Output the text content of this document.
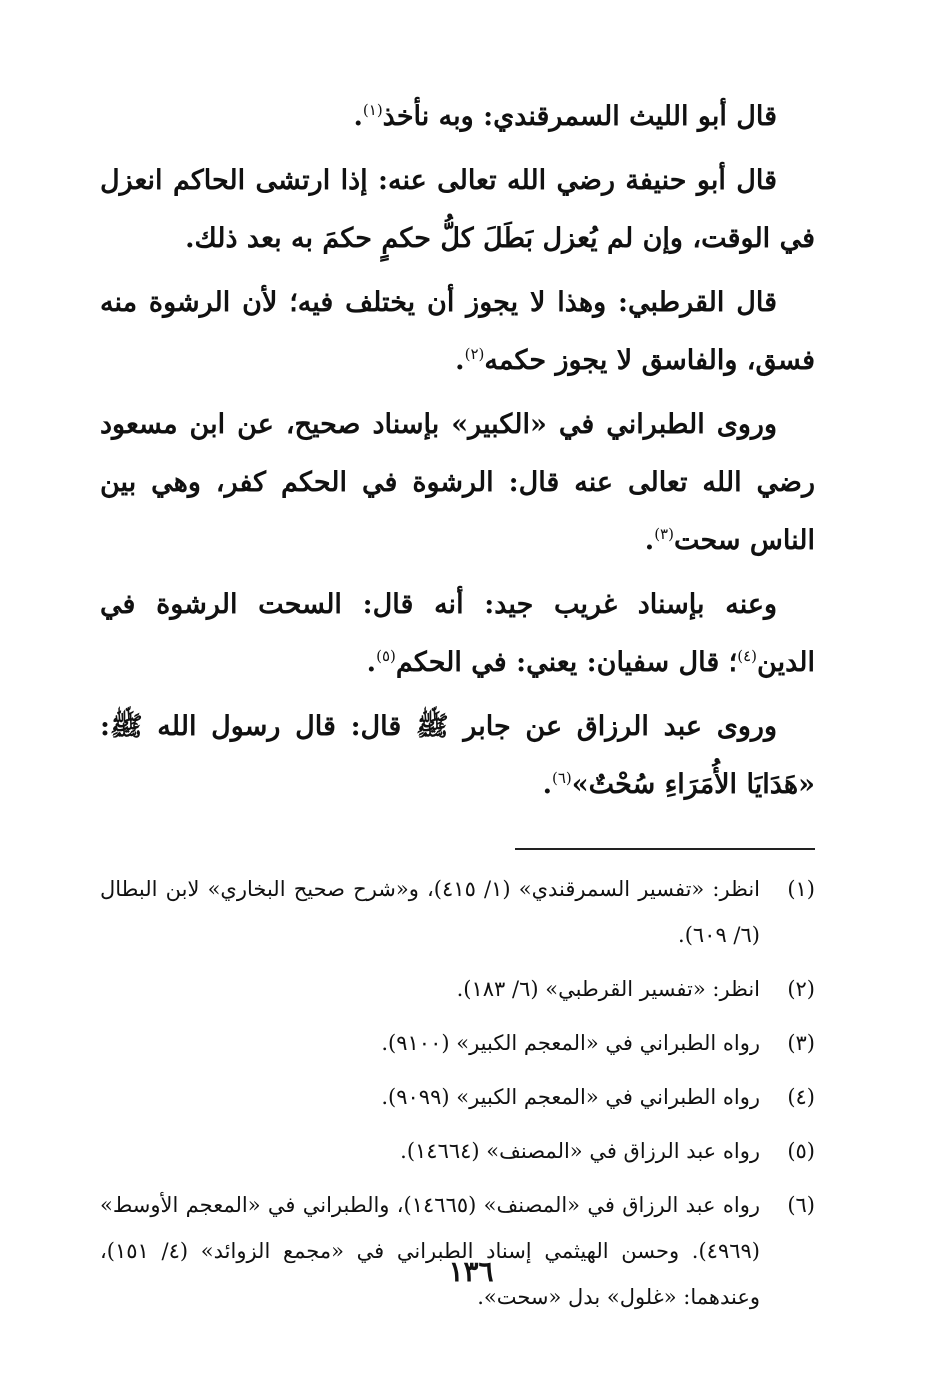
قال أبو الليث السمرقندي: وبه نأخذ$^{(١)}$.

قال أبو حنيفة رضي الله تعالى عنه: إذا ارتشى الحاكم انعزل في الوقت، وإن لم يُعزل بَطَلَ كلُّ حكمٍ حكمَ به بعد ذلك.

قال القرطبي: وهذا لا يجوز أن يختلف فيه؛ لأن الرشوة منه فسق، والفاسق لا يجوز حكمه$^{(٢)}$.

وروى الطبراني في «الكبير» بإسناد صحيح، عن ابن مسعود رضي الله تعالى عنه قال: الرشوة في الحكم كفر، وهي بين الناس سحت$^{(٣)}$.

وعنه بإسناد غريب جيد: أنه قال: السحت الرشوة في الدين$^{(٤)}$؛ قال سفيان: يعني: في الحكم$^{(٥)}$.

وروى عبد الرزاق عن جابر ﷺ قال: قال رسول الله ﷺ: «هَدَايَا الأُمَرَاءِ سُحْتٌ»$^{(٦)}$.

(١)
انظر: «تفسير السمرقندي» (١/ ٤١٥)، و«شرح صحيح البخاري» لابن البطال (٦/ ٦٠٩).
(٢)
انظر: «تفسير القرطبي» (٦/ ١٨٣).
(٣)
رواه الطبراني في «المعجم الكبير» (٩١٠٠).
(٤)
رواه الطبراني في «المعجم الكبير» (٩٠٩٩).
(٥)
رواه عبد الرزاق في «المصنف» (١٤٦٦٤).
(٦)
رواه عبد الرزاق في «المصنف» (١٤٦٦٥)، والطبراني في «المعجم الأوسط» (٤٩٦٩). وحسن الهيثمي إسناد الطبراني في «مجمع الزوائد» (٤/ ١٥١)، وعندهما: «غلول» بدل «سحت».
١٣٦
